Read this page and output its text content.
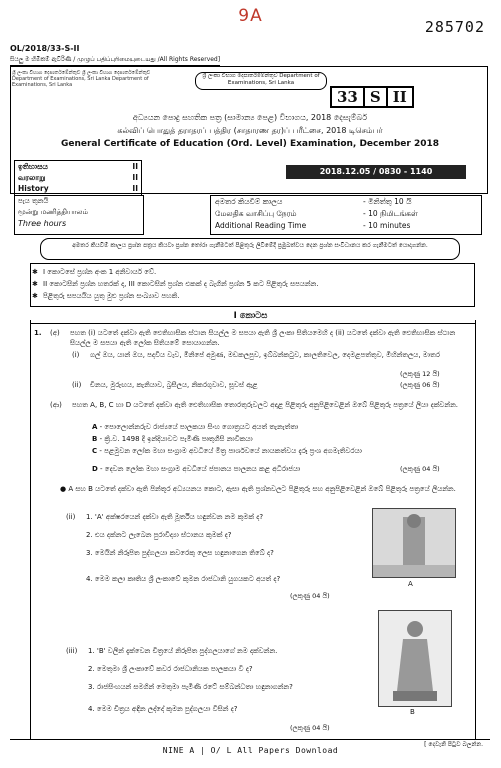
9A
285702
OL/2018/33-S-II
සියලු ම හිමිකම් ඇවිරිණි / முழுப் பதிப்புரிமையுடையது /All Rights Reserved]
ශ්‍රී ලංකා විභාග දෙපාර්තමේන්තුව ශ්‍රී ලංකා විභාග දෙපාර්තමේන්තුව Department of Examinations, Sri Lanka Department of Examinations, Sri Lanka
ශ්‍රී ලංකා විභාග දෙපාර්තමේන්තුව Department of Examinations, Sri Lanka
33 S II
අධ්‍යයන පොදු සහතික පත්‍ර (සාමාන්‍ය පෙළ) විභාගය, 2018 දෙසැම්බර්
கல்விப் பொதுத் தராதரப் பத்திர (சாதாரண தர)ப் பரீட்சை, 2018 டிசெம்பர்
General Certificate of Education (Ord. Level) Examination, December 2018
ඉතිහාසය	II
வரலாறு	II
History	II
2018.12.05 / 0830 - 1140
පැය තුනයි
மூன்று மணித்தியாலம்
Three hours
අමතර කියවීම් කාලය	- මිනිත්තු 10 යි
மேலதிக வாசிப்பு நேரம்	- 10 நிமிடங்கள்
Additional Reading Time	- 10 minutes
අමතර කියවීම් කාලය ප්‍රශ්න පත්‍රය කියවා ප්‍රශ්න තෝරා ගැනීමටත් පිළිතුරු ලිවීමේදී ප්‍රමුඛත්වය දෙන ප්‍රශ්න සංවිධානය කර ගැනීමටත් යොදාගන්න.
✱ I කොටසේ ප්‍රශ්න අංක 1 අනිවාර්ය වේ.
✱ II කොටසින් ප්‍රශ්න හතරක් ද, III කොටසින් ප්‍රශ්න එකක් ද බැගින් ප්‍රශ්න 5 කට පිළිතුරු සපයන්න.
✱ පිළිතුරු සපයයිය යුතු මුළු ප්‍රශ්න සංඛ්‍යාව පහකි.
I කොටස
1. (අ) පහත (i) යටතේ දක්වා ඇති ඓතිහාසික ස්ථාන සියල්ල ම සපයා ඇති ශ්‍රී ලංකා සිතියමෙහි ද (ii) යටතේ දක්වා ඇති ඓතිහාසික ස්ථාන සියල්ල ම සපයා ඇති ලෝක සිතියමේ සොයාගන්න.
(i) ගල් ඔය, යාන් ඔය, පදවිය වැව, මිනිපේ අමුණ, මඩකලපුව, ඉබ්බන්කටුව, කාලතිවෙල, දෙමළපත්තුව, මිහින්තලය, මාතර
(ලකුණු 12 යි)
(ii) චීනය, මුරුඟය, කැනියාව, බ්‍රසීලය, නිකරගුවාව, සූවස් ඇළ	(ලකුණු 06 යි)
(ආ) පහත A, B, C හා D යටතේ දක්වා ඇති ඓතිහාසික තොරතුරුවලට අදාළ පිළිතුරු අනුපිළිවෙළින් ඔබේ පිළිතුරු පත්‍රයේ ලියා දක්වන්න.
A - පොලොන්නරුව රාජ්‍යයේ පාලකයා සිංහ ගොත්‍රයට අයත් තැනැත්තා
B - ක්‍රි.ව. 1498 දී ඉන්දියාවට පැමිණි පෘතුගීසි නාවිකයා
C - පළමුවන ලෝක මහා සංග්‍රාම අවධියේ මිත්‍ර පාර්ශවයේ නායකත්වය දැරූ ප්‍රංශ අගමැතිවරයා
D - දෙවන ලෝක මහා සංග්‍රාම අවධියේ ජපානය පාලනය කළ අධිරාජයා	(ලකුණු 04 යි)
● A සහ B යටතේ දක්වා ඇති පින්තූර අධ්‍යයනය කොට, ඇසා ඇති ප්‍රශ්නවලට පිළිතුරු සහ අනුපිළිවෙළින් ඔබේ පිළිතුරු පත්‍රයේ ලියන්න.
(ii) 1. 'A' අක්ෂරයෙන් දක්වා ඇති මූර්තිය හඳුන්වන නම කුමක් ද?
2. එය දක්නට ලැබෙන පුරාවිද්‍යා ස්ථානය කුමක් ද?
3. මෙයින් නිරූපිත පුද්ගලයා කවරෙකු ලෙස හඳුනාගෙන තිබේ ද?
4. මෙම කලා කෘතිය ශ්‍රී ලංකාවේ කුමන රාජධානි යුගයකට අයත් ද?
(ලකුණු 04 යි)
(iii) 1. 'B' වලින් දැක්වෙන චිත්‍රයේ නිරූපිත පුද්ගලයාගේ නම දක්වන්න.
2. මෙතුමා ශ්‍රී ලංකාවේ කවර රාජධානියක පාලකයා වී ද?
3. රාජසිංහයන් සමගින් මෙතුමා පැමිණි රටේ සම්බන්ධතා හඳුනාගන්න?
4. මෙම චිත්‍රය අඳින ලද්දේ කුමන පුද්ගලයා විසින් ද?
(ලකුණු 04 යි)
A
B
[ දෙවැනි පිටුව බලන්න.
NINE A | O/ L All Papers Download
